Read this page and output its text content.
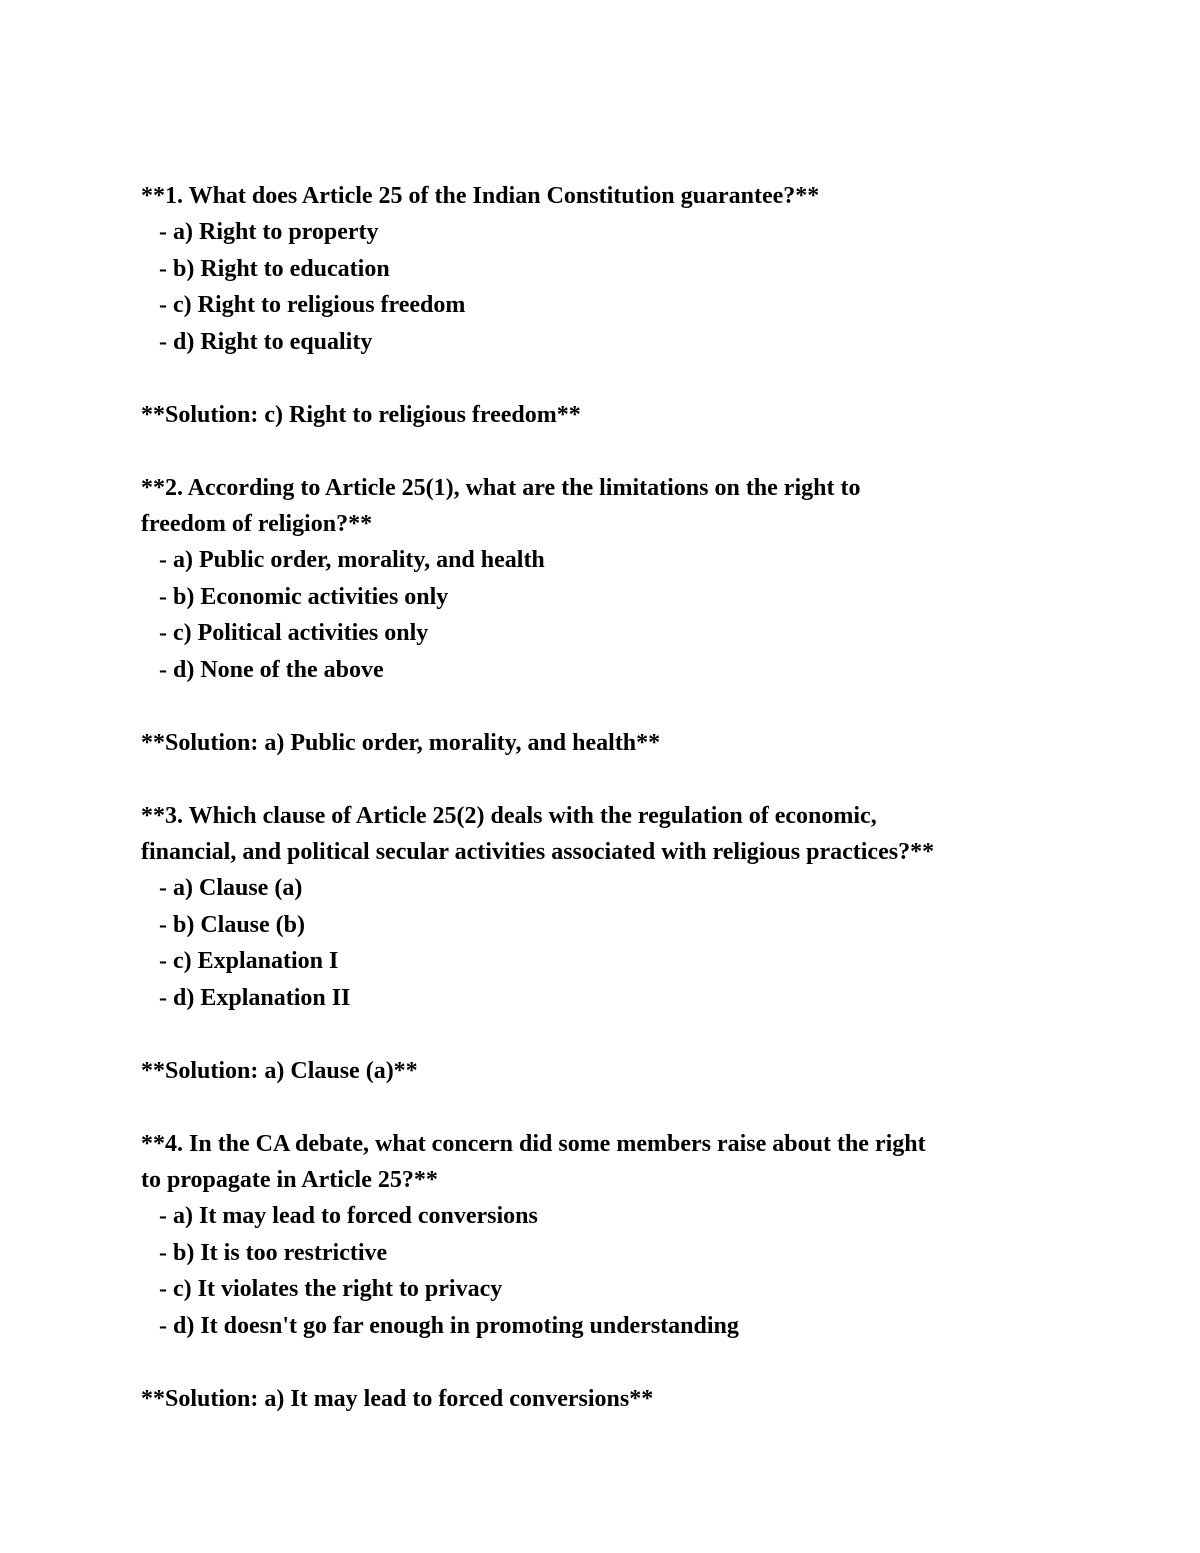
**1. What does Article 25 of the Indian Constitution guarantee?**
- a) Right to property
- b) Right to education
- c) Right to religious freedom
- d) Right to equality
**Solution: c) Right to religious freedom**
**2. According to Article 25(1), what are the limitations on the right to
freedom of religion?**
- a) Public order, morality, and health
- b) Economic activities only
- c) Political activities only
- d) None of the above
**Solution: a) Public order, morality, and health**
**3. Which clause of Article 25(2) deals with the regulation of economic,
financial, and political secular activities associated with religious practices?**
- a) Clause (a)
- b) Clause (b)
- c) Explanation I
- d) Explanation II
**Solution: a) Clause (a)**
**4. In the CA debate, what concern did some members raise about the right
to propagate in Article 25?**
- a) It may lead to forced conversions
- b) It is too restrictive
- c) It violates the right to privacy
- d) It doesn't go far enough in promoting understanding
**Solution: a) It may lead to forced conversions**
